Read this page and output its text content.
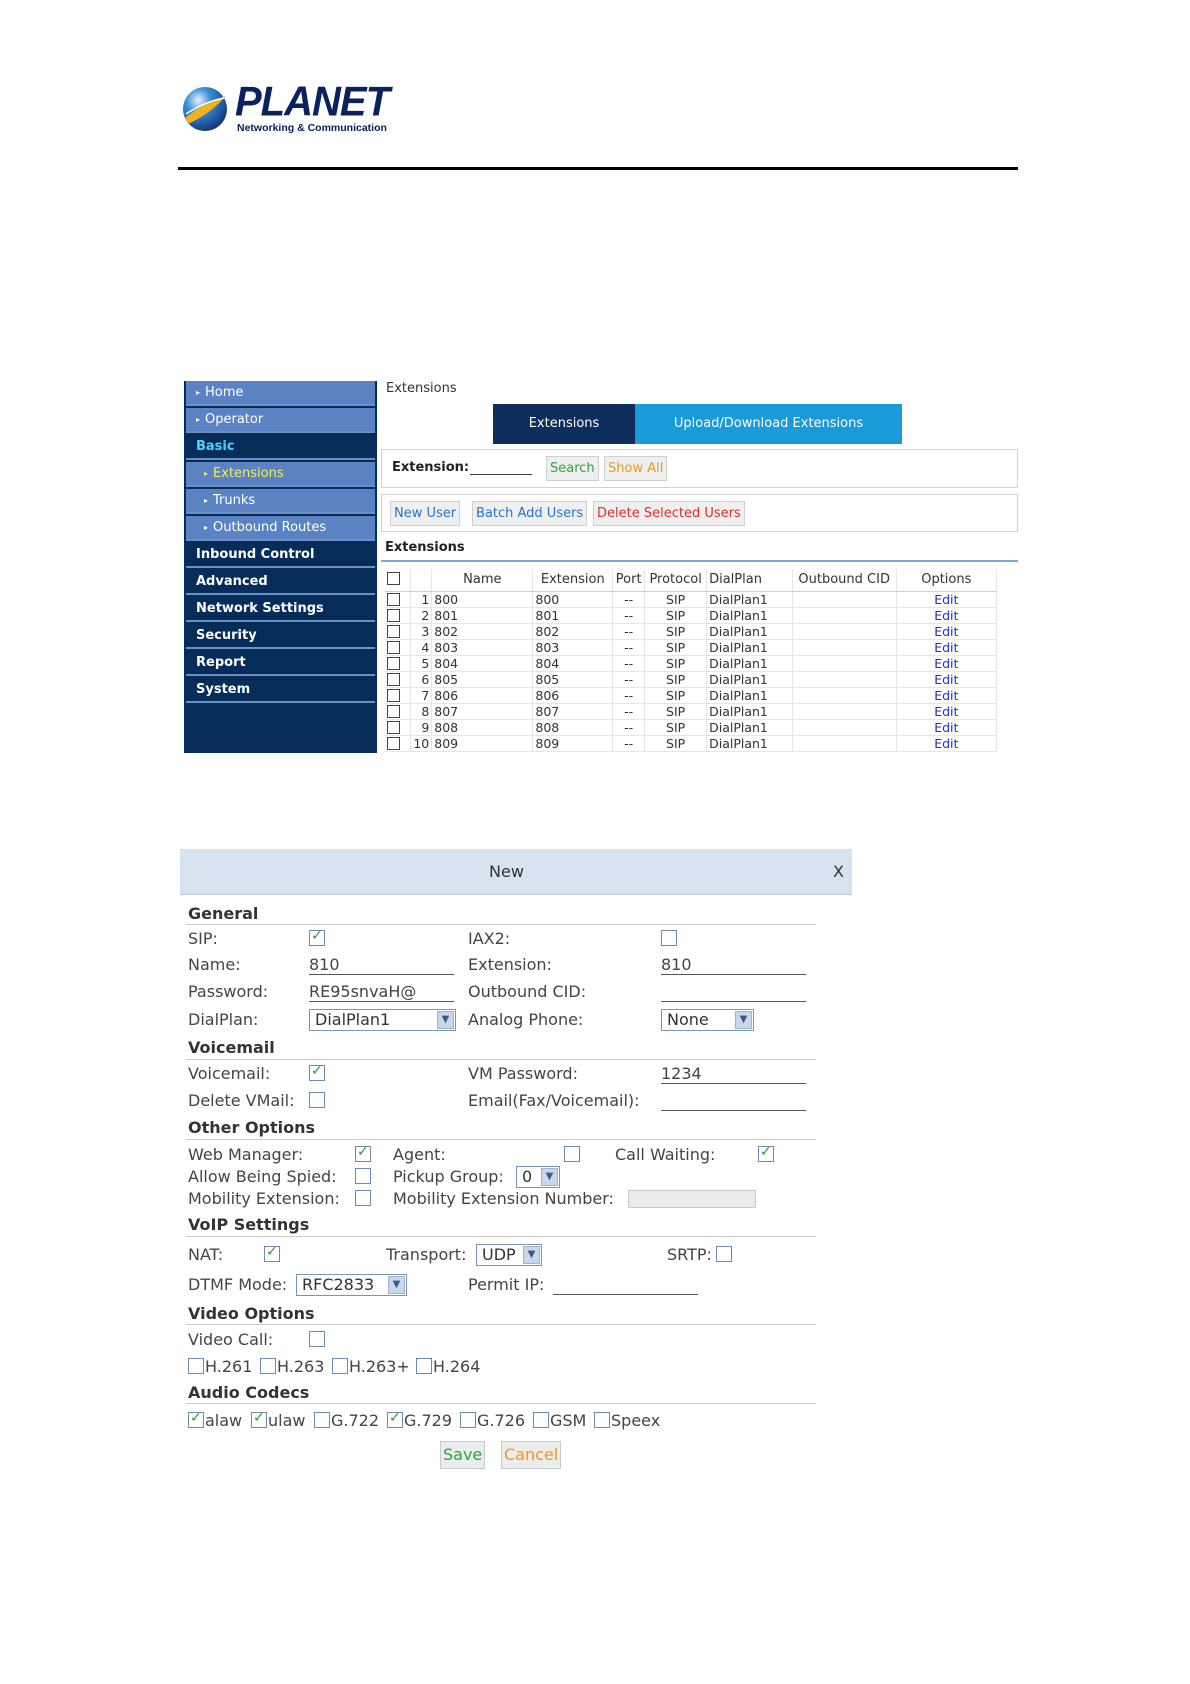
PLANET
Networking & Communication
▸ Home
▸ Operator
Basic
▸ Extensions
▸ Trunks
▸ Outbound Routes
Inbound Control
Advanced
Network Settings
Security
Report
System
Extensions
Extensions	Upload/Download Extensions
Extension:	Search	Show All
New User	Batch Add Users	Delete Selected Users
Extensions
		Name	Extension	Port	Protocol	DialPlan	Outbound CID	Options
	1	800	800	--	SIP	DialPlan1		Edit
	2	801	801	--	SIP	DialPlan1		Edit
	3	802	802	--	SIP	DialPlan1		Edit
	4	803	803	--	SIP	DialPlan1		Edit
	5	804	804	--	SIP	DialPlan1		Edit
	6	805	805	--	SIP	DialPlan1		Edit
	7	806	806	--	SIP	DialPlan1		Edit
	8	807	807	--	SIP	DialPlan1		Edit
	9	808	808	--	SIP	DialPlan1		Edit
	10	809	809	--	SIP	DialPlan1		Edit
New	X
General
SIP: ✓	IAX2:
Name:	810	Extension:	810
Password:	RE95snvaH@	Outbound CID:
DialPlan:	DialPlan1	▼ Analog Phone:	None	▼
Voicemail
Voicemail: ✓	VM Password:	1234
Delete VMail:	Email(Fax/Voicemail):
Other Options
Web Manager: ✓	Agent:	Call Waiting:
✓
Allow Being Spied:	Pickup Group:	0	▼
Mobility Extension:	Mobility Extension Number:
VoIP Settings
NAT: ✓	Transport: UDP	▼	SRTP:
DTMF Mode: RFC2833	▼	Permit IP:
Video Options
Video Call:
H.261 H.263 H.263+ H.264
Audio Codecs
✓
alaw ✓ ulaw G.722 ✓ G.729 G.726 GSM Speex
Save Cancel
